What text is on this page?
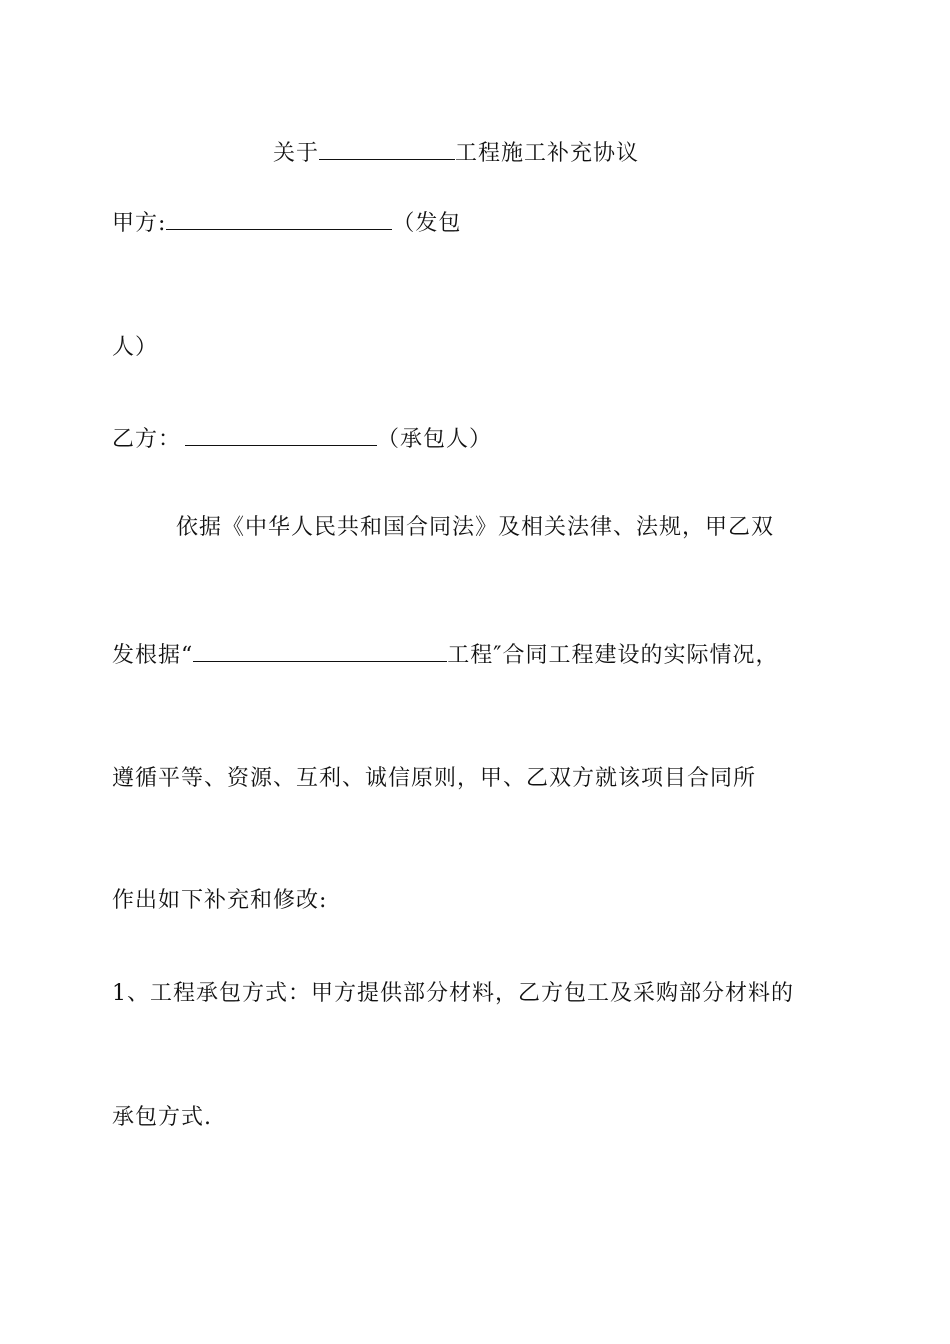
关于	工程施工补充协议
甲方:	（发包
人）
乙方：	（承包人）
依据《中华人民共和国合同法》及相关法律、法规，甲乙双
发根据“	工程″合同工程建设的实际情况，
遵循平等、资源、互利、诚信原则，甲、乙双方就该项目合同所
作出如下补充和修改:
1、工程承包方式：甲方提供部分材料，乙方包工及采购部分材料的
承包方式.
